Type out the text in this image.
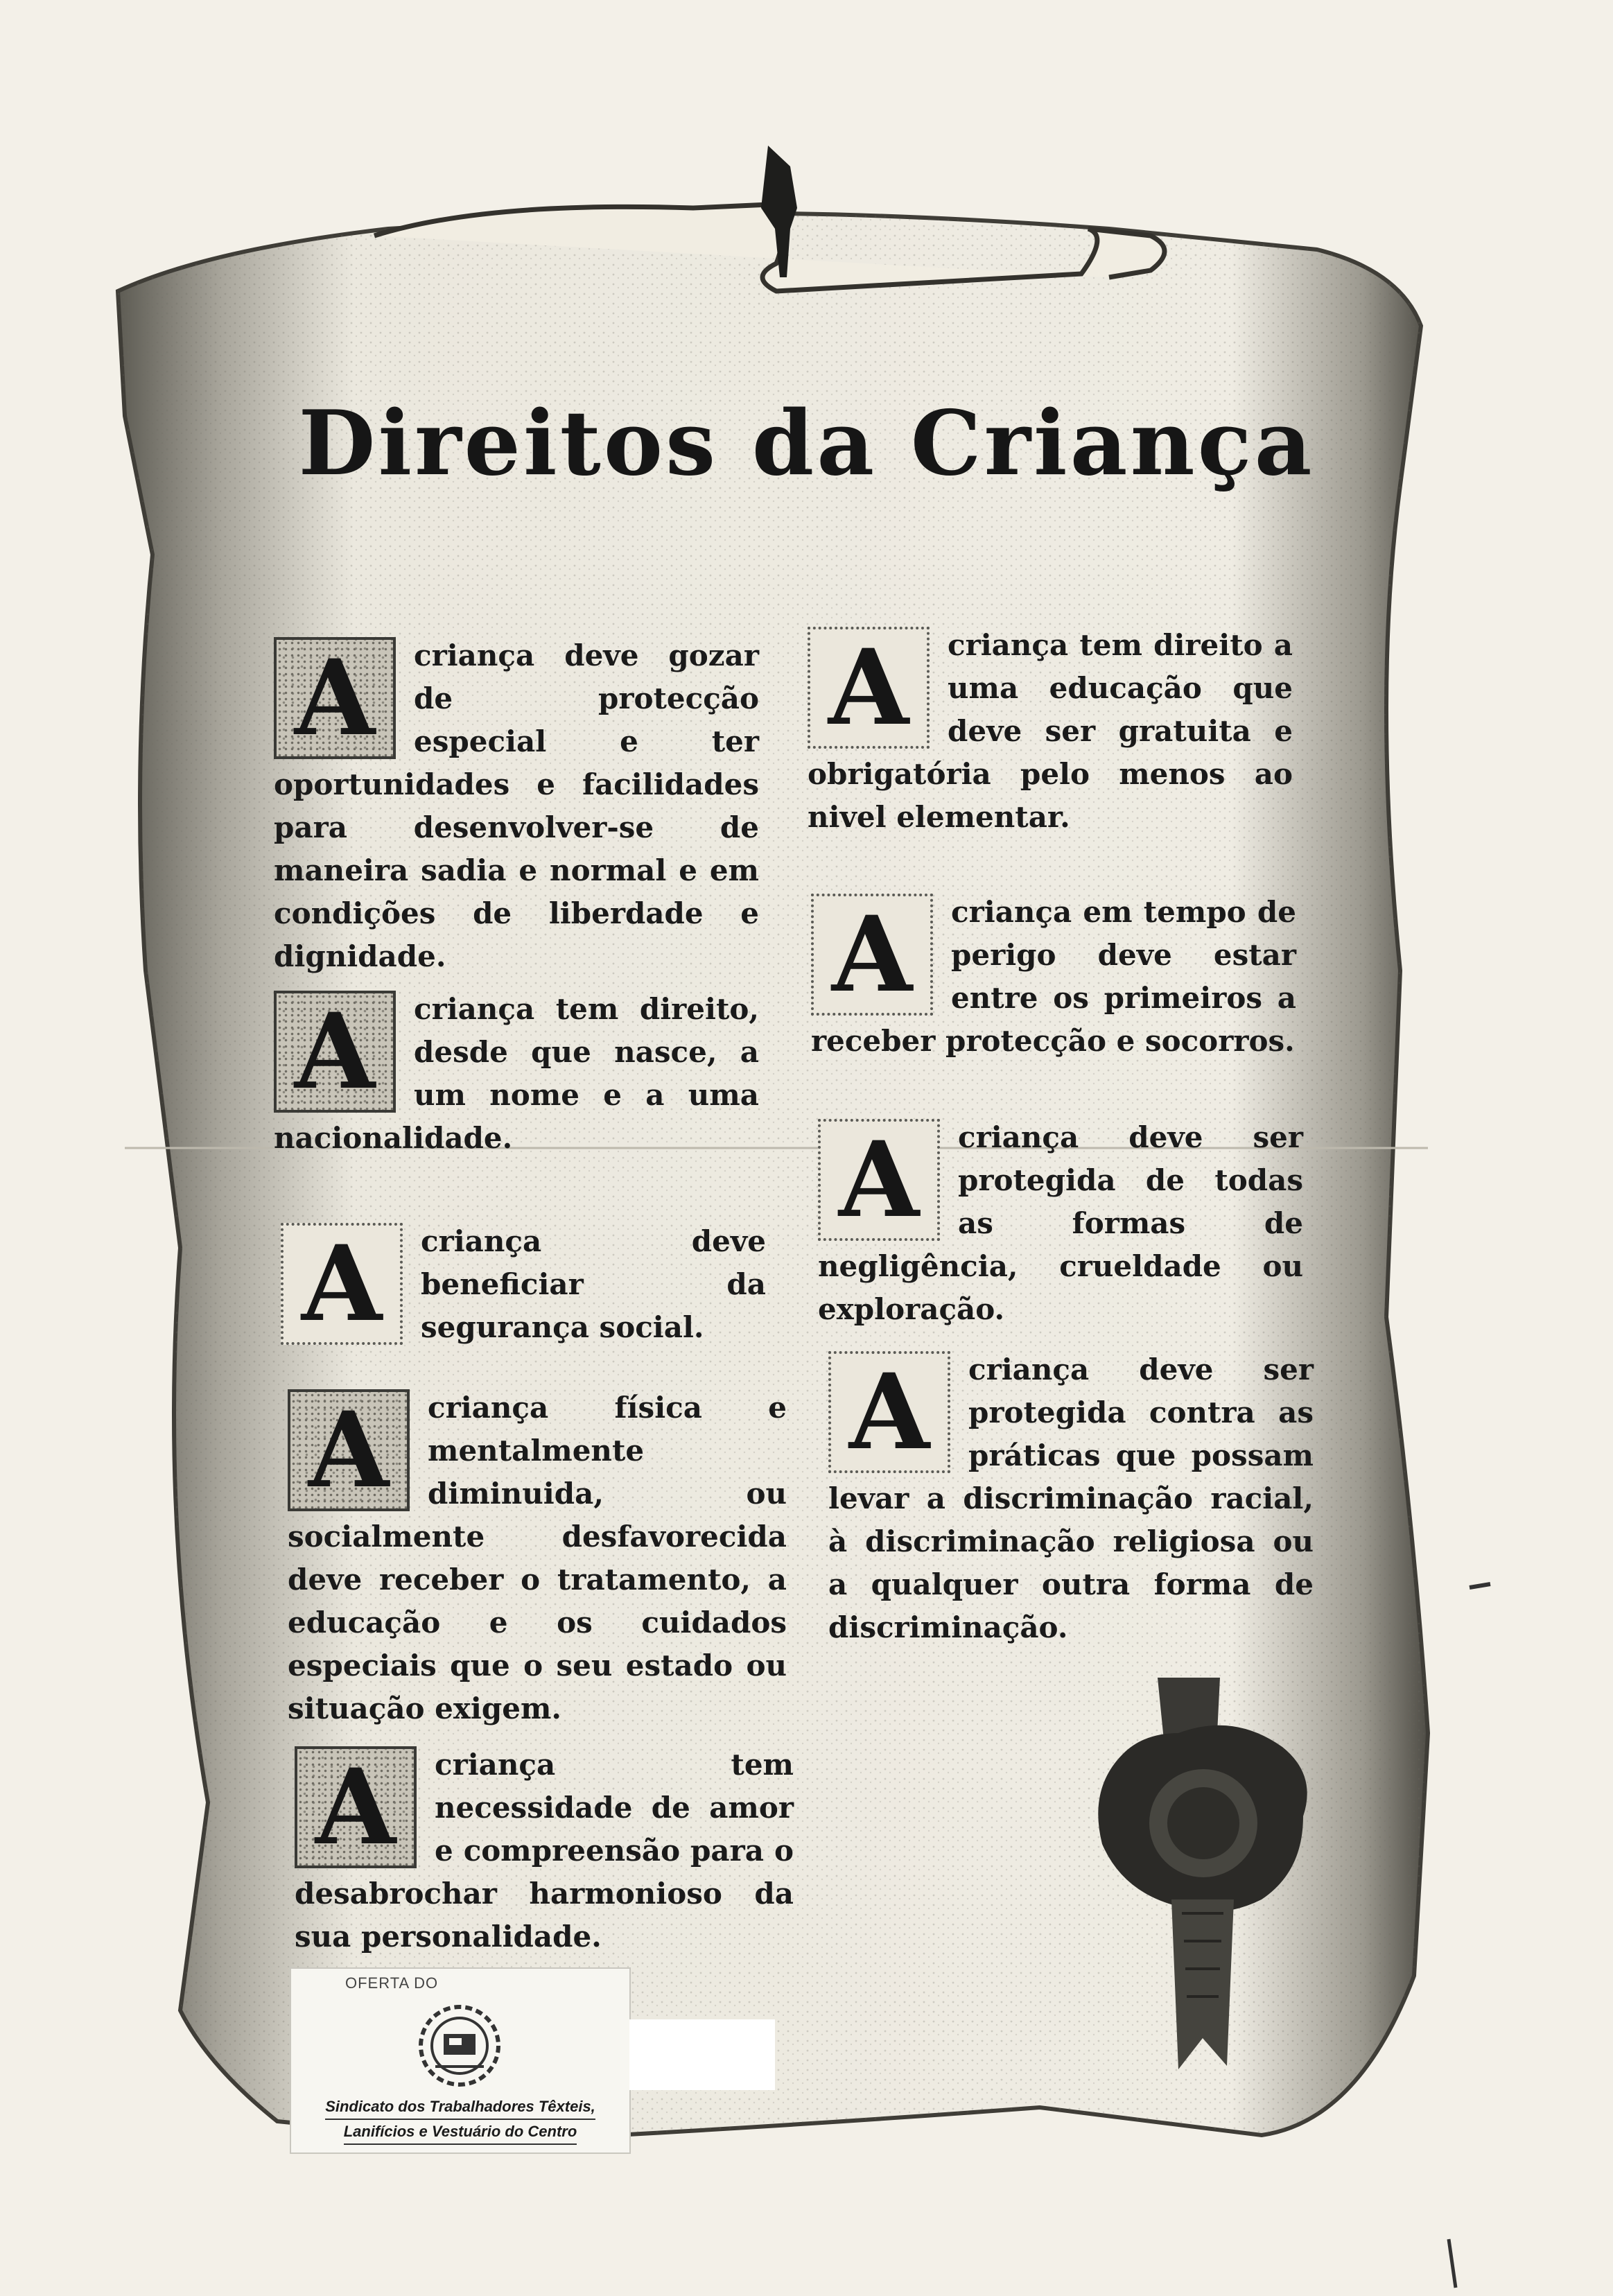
Direitos da Criança
A	criança deve gozar de protecção especial e ter oportunidades e facilidades para desenvolver-se de maneira sadia e normal e em condições de liberdade e dignidade.

A	criança tem direito, desde que nasce, a um nome e a uma nacionalidade.

A	criança deve beneficiar da segurança social.

A	criança física e mentalmente diminuida, ou socialmente desfavorecida deve receber o tratamento, a educação e os cuidados especiais que o seu estado ou situação exigem.

A	criança tem necessidade de amor e compreensão para o desabrochar harmonioso da sua personalidade.

A	criança tem direito a uma educação que deve ser gratuita e obrigatória pelo menos ao nivel elementar.

A	criança em tempo de perigo deve estar entre os primeiros a receber protecção e socorros.

A	criança deve ser protegida de todas as formas de negligência, crueldade ou exploração.

A	criança deve ser protegida contra as práticas que possam levar a discriminação racial, à discriminação religiosa ou a qualquer outra forma de discriminação.

OFERTA DO
Sindicato dos Trabalhadores Têxteis,
Lanifícios e Vestuário do Centro
